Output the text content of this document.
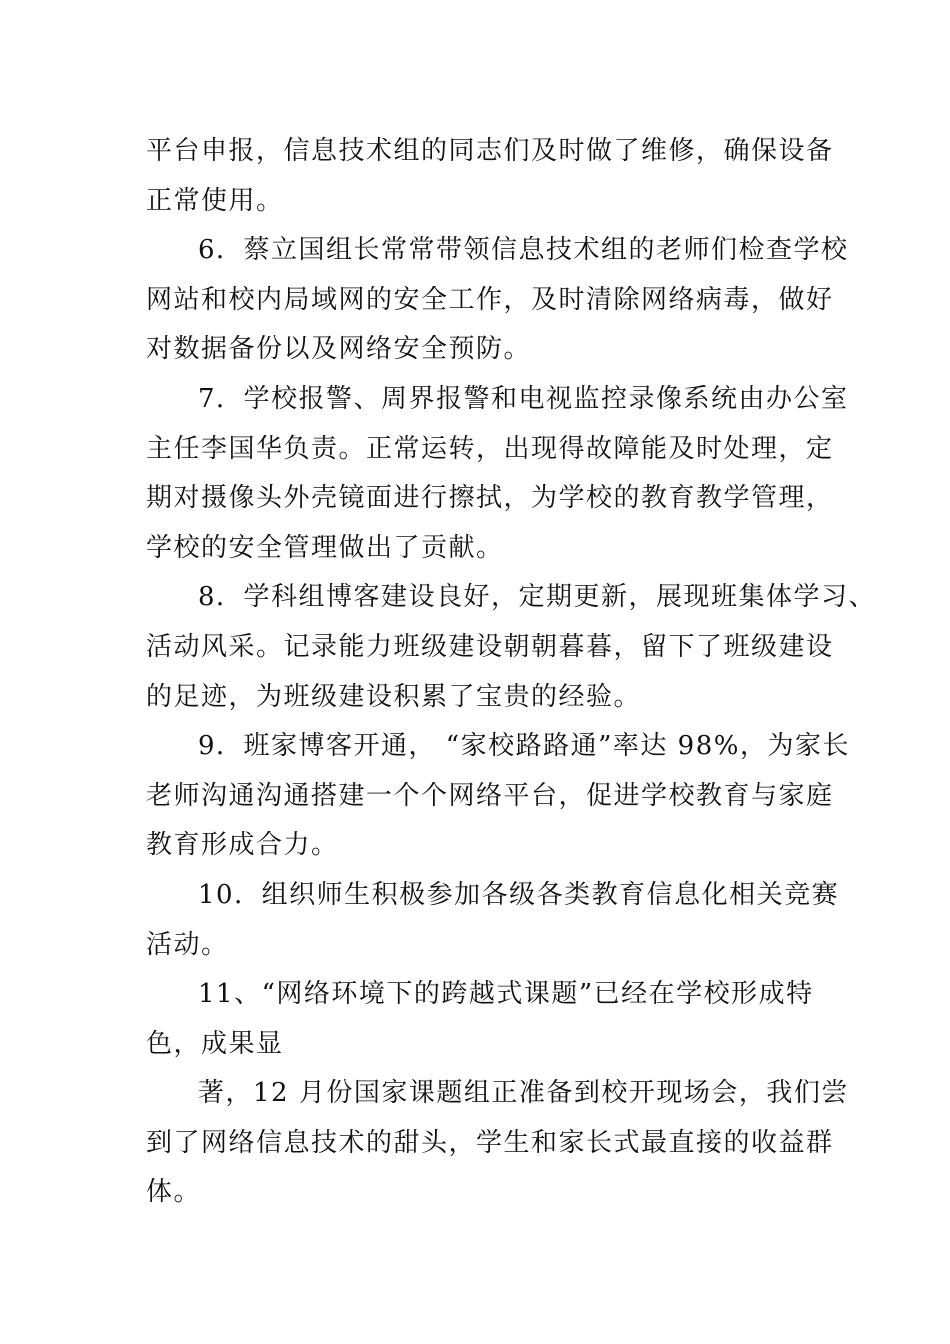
平台申报，信息技术组的同志们及时做了维修，确保设备
正常使用。
6．蔡立国组长常常带领信息技术组的老师们检查学校
网站和校内局域网的安全工作，及时清除网络病毒，做好
对数据备份以及网络安全预防。
7．学校报警、周界报警和电视监控录像系统由办公室
主任李国华负责。正常运转，出现得故障能及时处理，定
期对摄像头外壳镜面进行擦拭，为学校的教育教学管理，
学校的安全管理做出了贡献。
8．学科组博客建设良好，定期更新，展现班集体学习、
活动风采。记录能力班级建设朝朝暮暮，留下了班级建设
的足迹，为班级建设积累了宝贵的经验。
9．班家博客开通， “家校路路通”率达 98%，为家长
老师沟通沟通搭建一个个网络平台，促进学校教育与家庭
教育形成合力。
10．组织师生积极参加各级各类教育信息化相关竞赛
活动。
11、“网络环境下的跨越式课题”已经在学校形成特
色，成果显
著，12 月份国家课题组正准备到校开现场会，我们尝
到了网络信息技术的甜头，学生和家长式最直接的收益群
体。
